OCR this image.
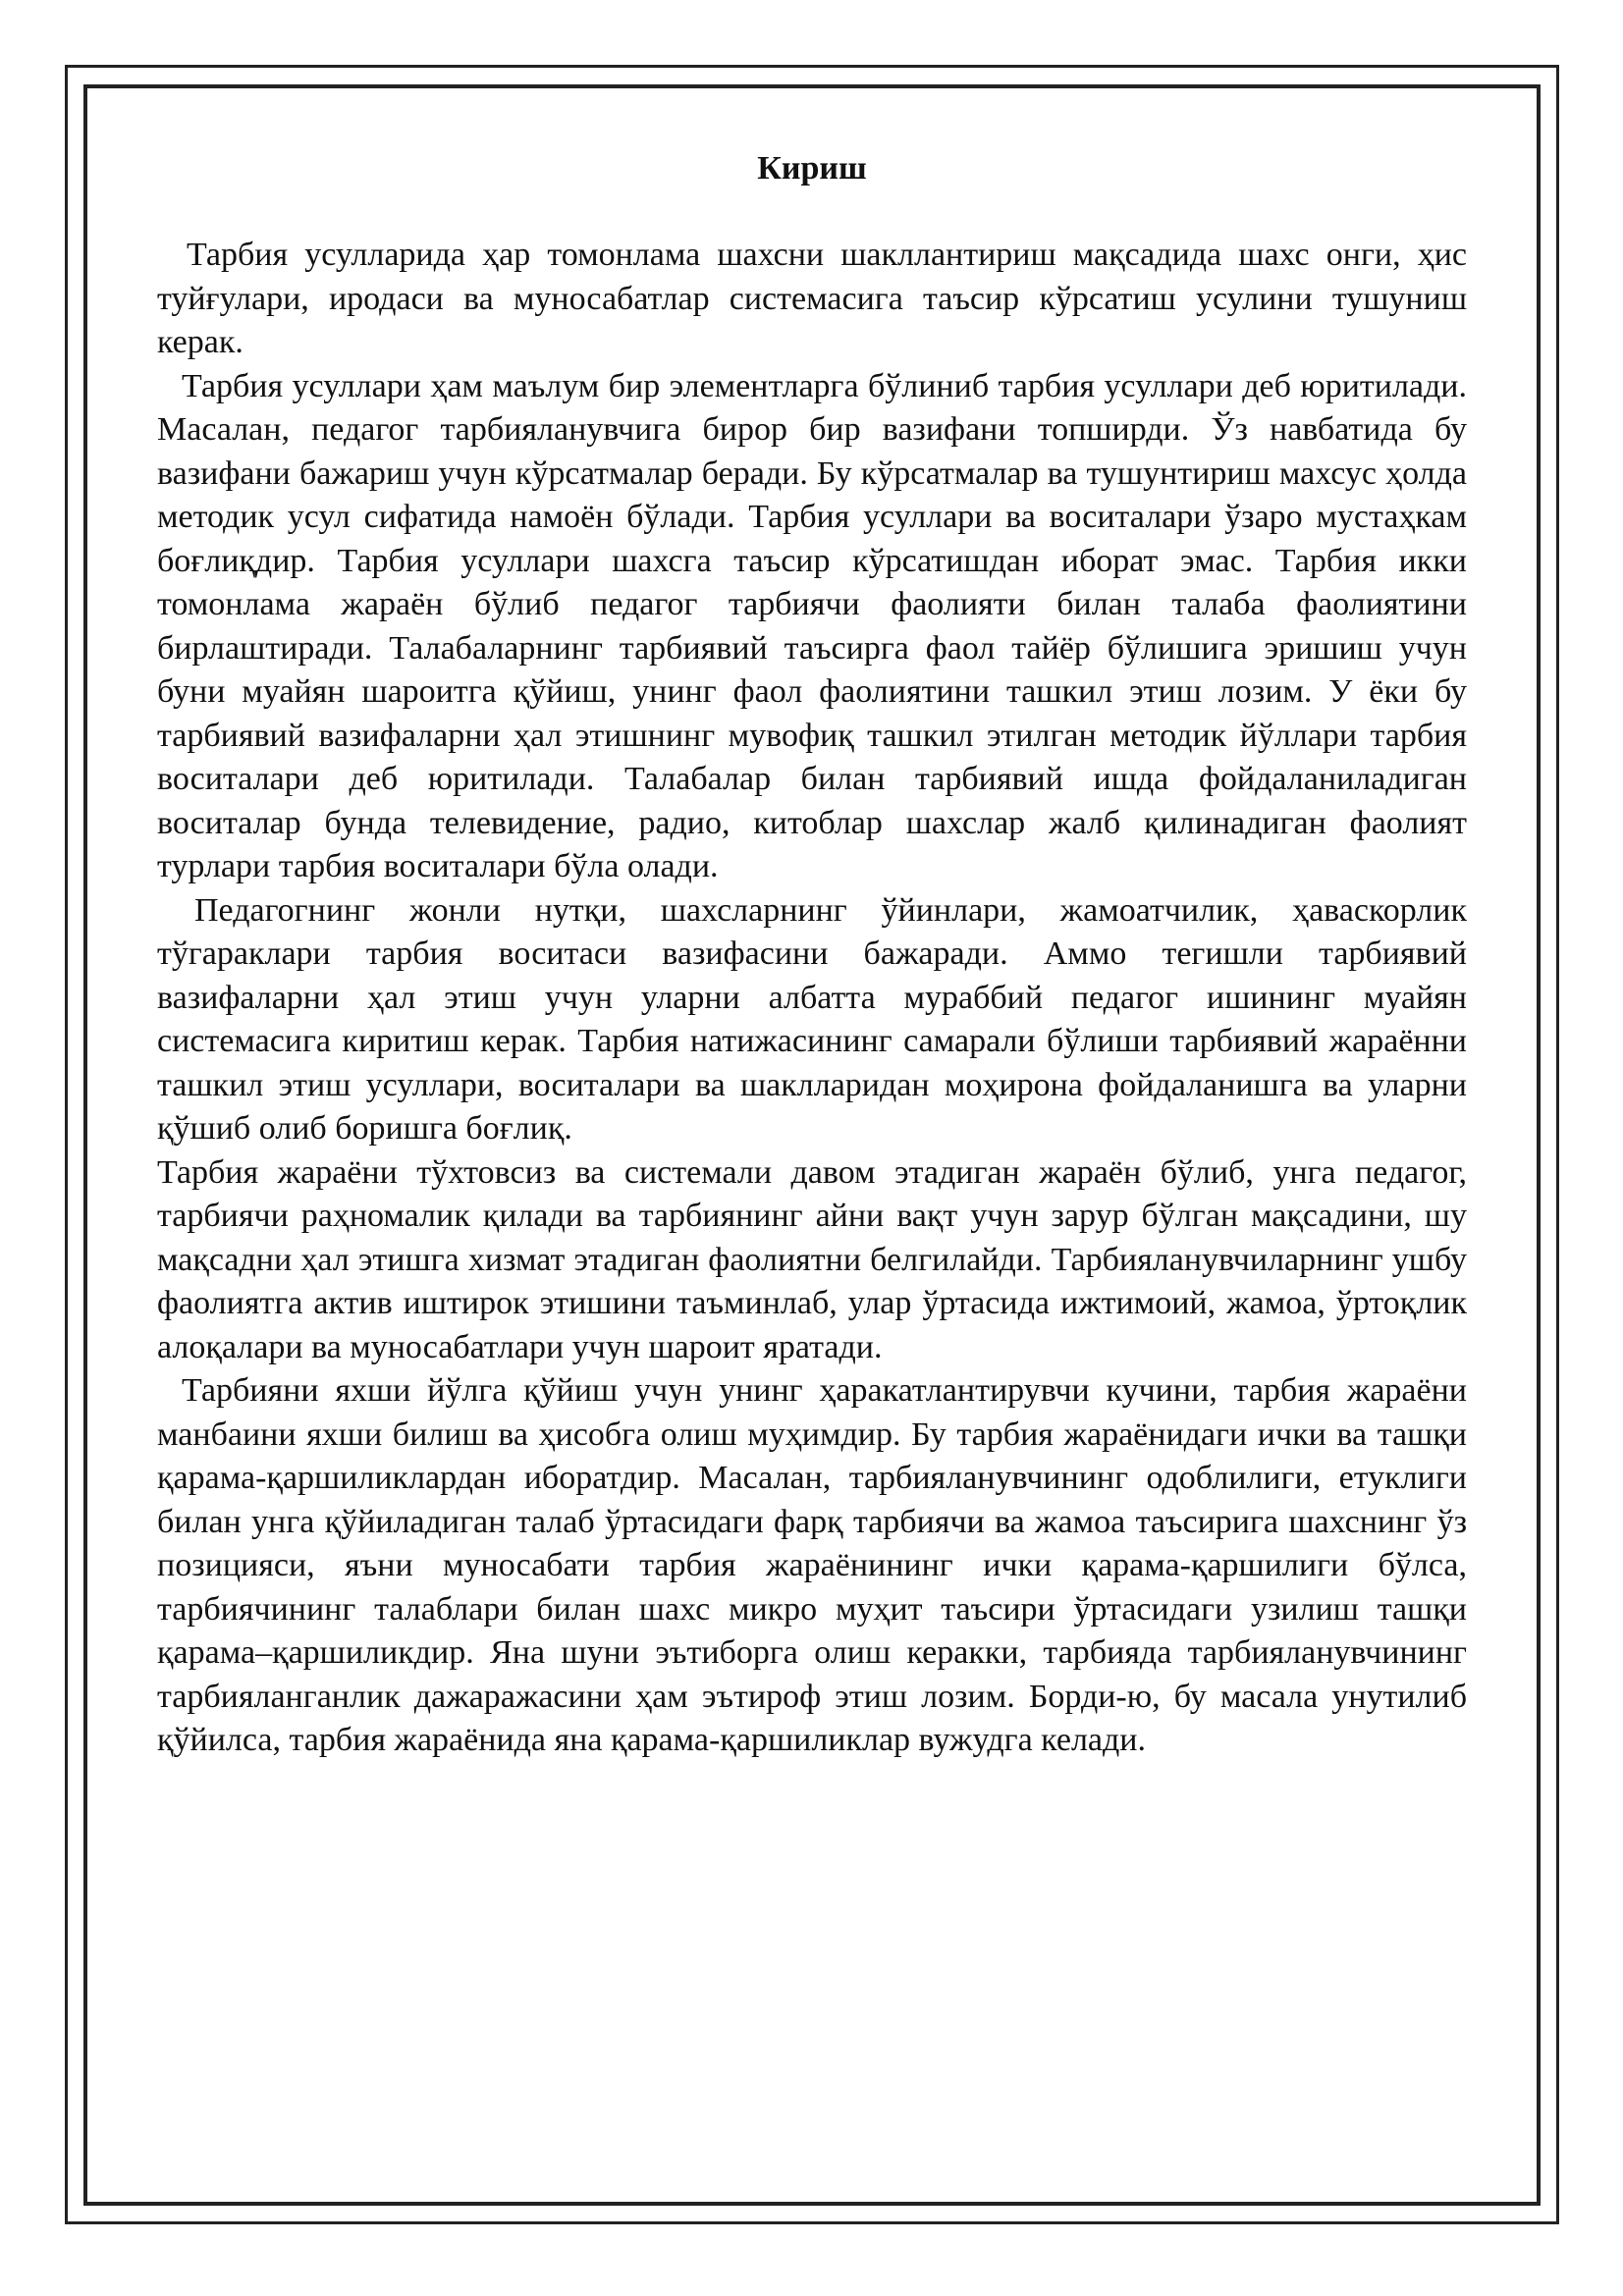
Кириш

Тарбия усулларида ҳар томонлама шахсни шакллантириш мақсадида шахс онги, ҳис туйғулари, иродаси ва муносабатлар системасига таъсир кўрсатиш усулини тушуниш керак.

Тарбия усуллари ҳам маълум бир элементларга бўлиниб тарбия усуллари деб юритилади. Масалан, педагог тарбияланувчига бирор бир вазифани топширди. Ўз навбатида бу вазифани бажариш учун кўрсатмалар беради. Бу кўрсатмалар ва тушунтириш махсус ҳолда методик усул сифатида намоён бўлади. Тарбия усуллари ва воситалари ўзаро мустаҳкам боғлиқдир. Тарбия усуллари шахсга таъсир кўрсатишдан иборат эмас. Тарбия икки томонлама жараён бўлиб педагог тарбиячи фаолияти билан талаба фаолиятини бирлаштиради. Талабаларнинг тарбиявий таъсирга фаол тайёр бўлишига эришиш учун буни муайян шароитга қўйиш, унинг фаол фаолиятини ташкил этиш лозим. У ёки бу тарбиявий вазифаларни ҳал этишнинг мувофиқ ташкил этилган методик йўллари тарбия воситалари деб юритилади. Талабалар билан тарбиявий ишда фойдаланиладиган воситалар бунда телевидение, радио, китоблар шахслар жалб қилинадиган фаолият турлари тарбия воситалари бўла олади.

Педагогнинг жонли нутқи, шахсларнинг ўйинлари, жамоатчилик, ҳаваскорлик тўгараклари тарбия воситаси вазифасини бажаради. Аммо тегишли тарбиявий вазифаларни ҳал этиш учун уларни албатта мураббий педагог ишининг муайян системасига киритиш керак. Тарбия натижасининг самарали бўлиши тарбиявий жараённи ташкил этиш усуллари, воситалари ва шаклларидан моҳирона фойдаланишга ва уларни қўшиб олиб боришга боғлиқ.

Тарбия жараёни тўхтовсиз ва системали давом этадиган жараён бўлиб, унга педагог, тарбиячи раҳномалик қилади ва тарбиянинг айни вақт учун зарур бўлган мақсадини, шу мақсадни ҳал этишга хизмат этадиган фаолиятни белгилайди. Тарбияланувчиларнинг ушбу фаолиятга актив иштирок этишини таъминлаб, улар ўртасида ижтимоий, жамоа, ўртоқлик алоқалари ва муносабатлари учун шароит яратади.

Тарбияни яхши йўлга қўйиш учун унинг ҳаракатлантирувчи кучини, тарбия жараёни манбаини яхши билиш ва ҳисобга олиш муҳимдир. Бу тарбия жараёнидаги ички ва ташқи қарама-қаршиликлардан иборатдир. Масалан, тарбияланувчининг одоблилиги, етуклиги билан унга қўйиладиган талаб ўртасидаги фарқ тарбиячи ва жамоа таъсирига шахснинг ўз позицияси, яъни муносабати тарбия жараёнининг ички қарама-қаршилиги бўлса, тарбиячининг талаблари билан шахс микро муҳит таъсири ўртасидаги узилиш ташқи қарама–қаршиликдир. Яна шуни эътиборга олиш керакки, тарбияда тарбияланувчининг тарбияланганлик дажаражасини ҳам эътироф этиш лозим. Борди-ю, бу масала унутилиб қўйилса, тарбия жараёнида яна қарама-қаршиликлар вужудга келади.
